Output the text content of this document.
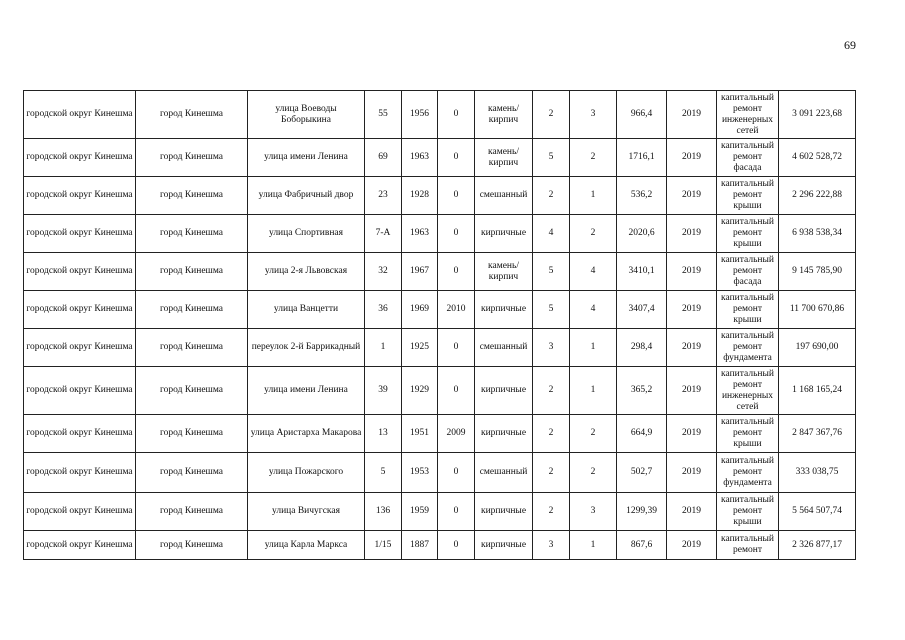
69
городской округ Кинешма	город Кинешма	улица Воеводы Боборыкина	55	1956	0	камень/кирпич	2	3	966,4	2019	капитальный ремонт инженерных сетей	3 091 223,68
городской округ Кинешма	город Кинешма	улица имени Ленина	69	1963	0	камень/кирпич	5	2	1716,1	2019	капитальный ремонт фасада	4 602 528,72
городской округ Кинешма	город Кинешма	улица Фабричный двор	23	1928	0	смешанный	2	1	536,2	2019	капитальный ремонт крыши	2 296 222,88
городской округ Кинешма	город Кинешма	улица Спортивная	7-А	1963	0	кирпичные	4	2	2020,6	2019	капитальный ремонт крыши	6 938 538,34
городской округ Кинешма	город Кинешма	улица 2-я Львовская	32	1967	0	камень/кирпич	5	4	3410,1	2019	капитальный ремонт фасада	9 145 785,90
городской округ Кинешма	город Кинешма	улица Ванцетти	36	1969	2010	кирпичные	5	4	3407,4	2019	капитальный ремонт крыши	11 700 670,86
городской округ Кинешма	город Кинешма	переулок 2-й Баррикадный	1	1925	0	смешанный	3	1	298,4	2019	капитальный ремонт фундамента	197 690,00
городской округ Кинешма	город Кинешма	улица имени Ленина	39	1929	0	кирпичные	2	1	365,2	2019	капитальный ремонт инженерных сетей	1 168 165,24
городской округ Кинешма	город Кинешма	улица Аристарха Макарова	13	1951	2009	кирпичные	2	2	664,9	2019	капитальный ремонт крыши	2 847 367,76
городской округ Кинешма	город Кинешма	улица Пожарского	5	1953	0	смешанный	2	2	502,7	2019	капитальный ремонт фундамента	333 038,75
городской округ Кинешма	город Кинешма	улица Вичугская	136	1959	0	кирпичные	2	3	1299,39	2019	капитальный ремонт крыши	5 564 507,74
городской округ Кинешма	город Кинешма	улица Карла Маркса	1/15	1887	0	кирпичные	3	1	867,6	2019	капитальный ремонт	2 326 877,17
